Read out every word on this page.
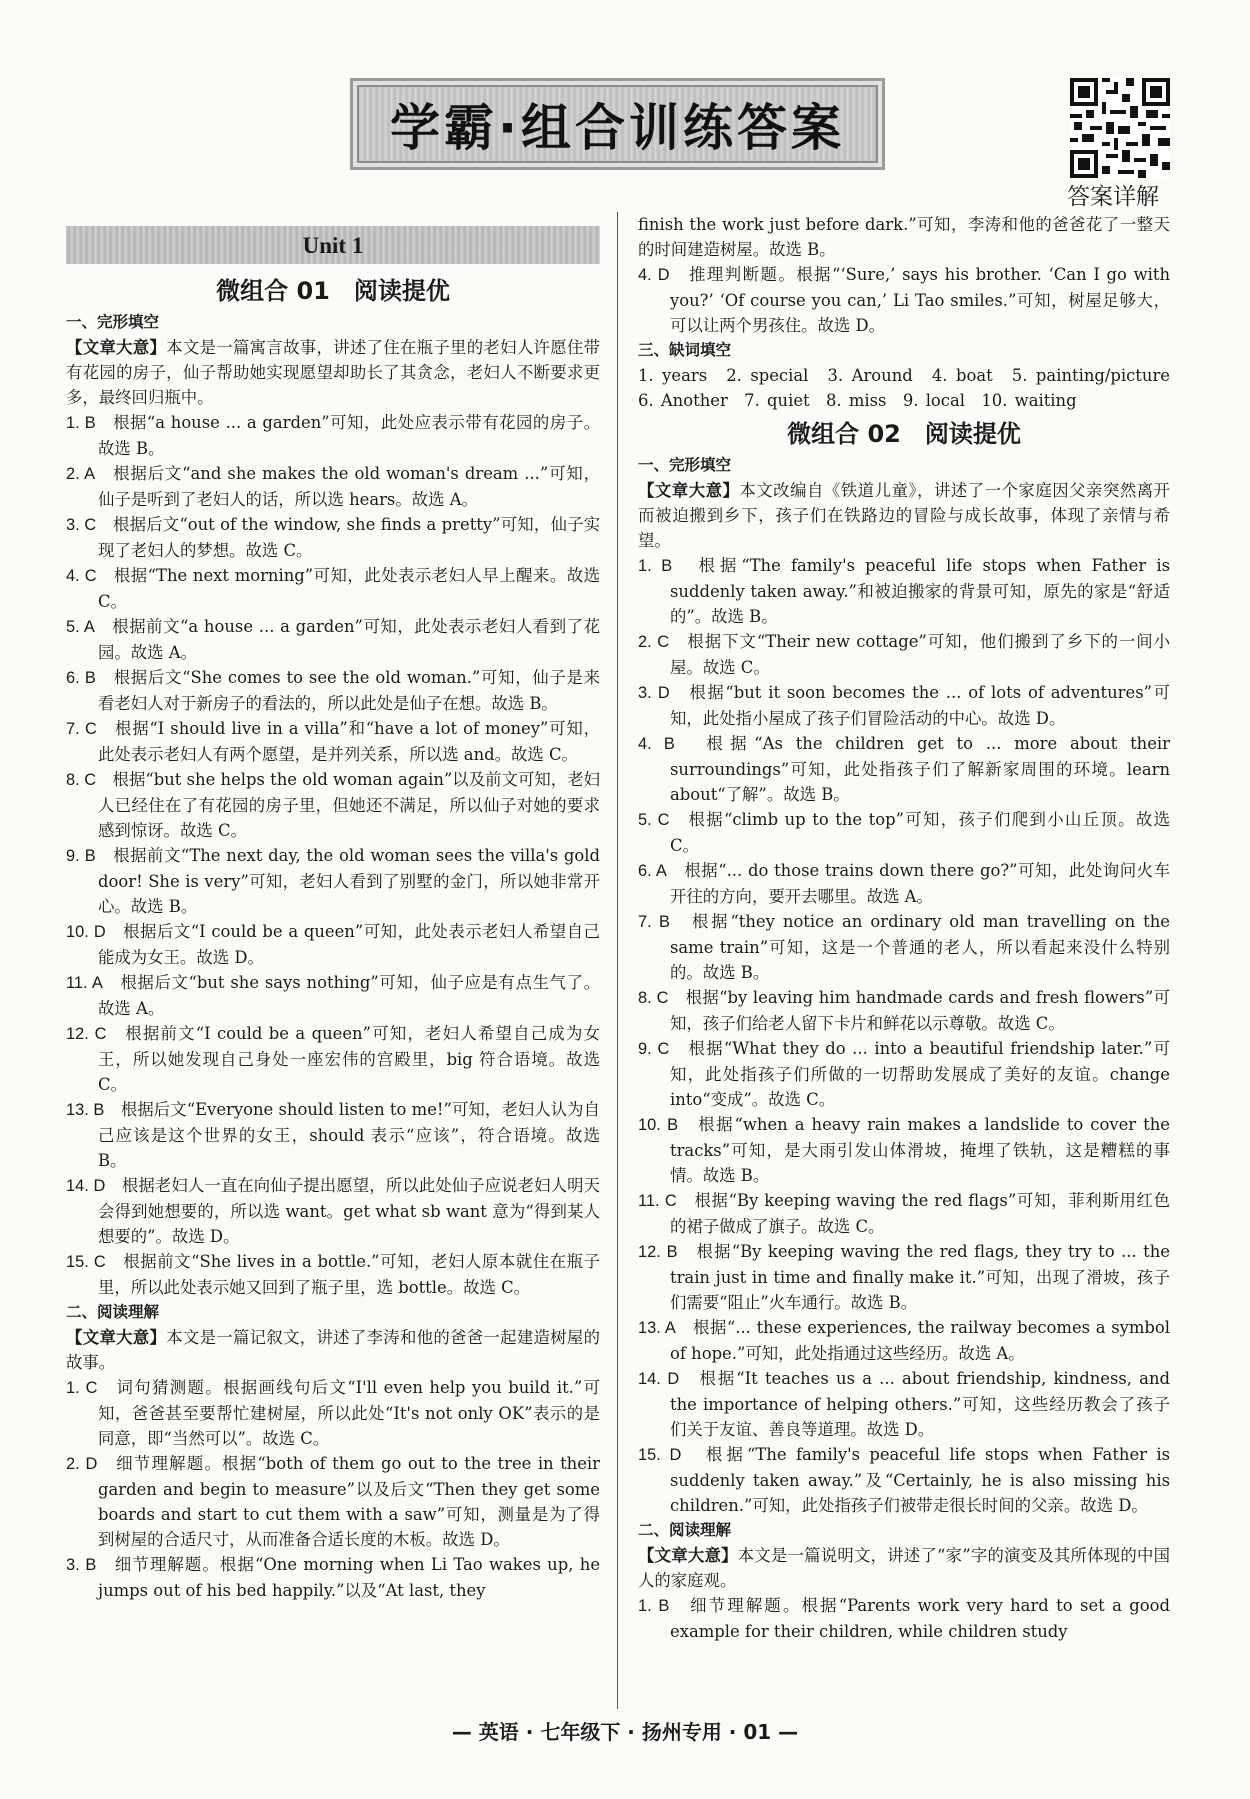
学霸·组合训练答案
答案详解
Unit 1
微组合 01　阅读提优
一、完形填空
【文章大意】本文是一篇寓言故事，讲述了住在瓶子里的老妇人许愿住带有花园的房子，仙子帮助她实现愿望却助长了其贪念，老妇人不断要求更多，最终回归瓶中。
1. B　 根据“a house ... a garden”可知，此处应表示带有花园的房子。故选 B。
2. A　 根据后文“and she makes the old woman's dream ...”可知，仙子是听到了老妇人的话，所以选 hears。故选 A。
3. C　 根据后文“out of the window, she finds a pretty”可知，仙子实现了老妇人的梦想。故选 C。
4. C　 根据“The next morning”可知，此处表示老妇人早上醒来。故选 C。
5. A　 根据前文“a house ... a garden”可知，此处表示老妇人看到了花园。故选 A。
6. B　 根据后文“She comes to see the old woman.”可知，仙子是来看老妇人对于新房子的看法的，所以此处是仙子在想。故选 B。
7. C　 根据“I should live in a villa”和“have a lot of money”可知，此处表示老妇人有两个愿望，是并列关系，所以选 and。故选 C。
8. C　 根据“but she helps the old woman again”以及前文可知，老妇人已经住在了有花园的房子里，但她还不满足，所以仙子对她的要求感到惊讶。故选 C。
9. B　 根据前文“The next day, the old woman sees the villa's gold door! She is very”可知，老妇人看到了别墅的金门，所以她非常开心。故选 B。
10. D　 根据后文“I could be a queen”可知，此处表示老妇人希望自己能成为女王。故选 D。
11. A　 根据后文“but she says nothing”可知，仙子应是有点生气了。故选 A。
12. C　 根据前文“I could be a queen”可知，老妇人希望自己成为女王，所以她发现自己身处一座宏伟的宫殿里，big 符合语境。故选 C。
13. B　 根据后文“Everyone should listen to me!”可知，老妇人认为自己应该是这个世界的女王，should 表示“应该”，符合语境。故选 B。
14. D　 根据老妇人一直在向仙子提出愿望，所以此处仙子应说老妇人明天会得到她想要的，所以选 want。get what sb want 意为“得到某人想要的”。故选 D。
15. C　 根据前文“She lives in a bottle.”可知，老妇人原本就住在瓶子里，所以此处表示她又回到了瓶子里，选 bottle。故选 C。
二、阅读理解
【文章大意】本文是一篇记叙文，讲述了李涛和他的爸爸一起建造树屋的故事。
1. C　 词句猜测题。根据画线句后文“I'll even help you build it.”可知，爸爸甚至要帮忙建树屋，所以此处“It's not only OK”表示的是同意，即“当然可以”。故选 C。
2. D　 细节理解题。根据“both of them go out to the tree in their garden and begin to measure”以及后文“Then they get some boards and start to cut them with a saw”可知，测量是为了得到树屋的合适尺寸，从而准备合适长度的木板。故选 D。
3. B　 细节理解题。根据“One morning when Li Tao wakes up, he jumps out of his bed happily.”以及“At last, they
finish the work just before dark.”可知，李涛和他的爸爸花了一整天的时间建造树屋。故选 B。
4. D　 推理判断题。根据“‘Sure,’ says his brother. ‘Can I go with you?’ ‘Of course you can,’ Li Tao smiles.”可知，树屋足够大，可以让两个男孩住。故选 D。
三、缺词填空
1. years　2. special　3. Around　4. boat　5. painting/picture　6. Another　7. quiet　8. miss　9. local　10. waiting
微组合 02　阅读提优
一、完形填空
【文章大意】本文改编自《铁道儿童》，讲述了一个家庭因父亲突然离开而被迫搬到乡下，孩子们在铁路边的冒险与成长故事，体现了亲情与希望。
1. B　 根据“The family's peaceful life stops when Father is suddenly taken away.”和被迫搬家的背景可知，原先的家是“舒适的”。故选 B。
2. C　 根据下文“Their new cottage”可知，他们搬到了乡下的一间小屋。故选 C。
3. D　 根据“but it soon becomes the ... of lots of adventures”可知，此处指小屋成了孩子们冒险活动的中心。故选 D。
4. B　 根据“As the children get to ... more about their surroundings”可知，此处指孩子们了解新家周围的环境。learn about“了解”。故选 B。
5. C　 根据“climb up to the top”可知，孩子们爬到小山丘顶。故选 C。
6. A　 根据“... do those trains down there go?”可知，此处询问火车开往的方向，要开去哪里。故选 A。
7. B　 根据“they notice an ordinary old man travelling on the same train”可知，这是一个普通的老人，所以看起来没什么特别的。故选 B。
8. C　 根据“by leaving him handmade cards and fresh flowers”可知，孩子们给老人留下卡片和鲜花以示尊敬。故选 C。
9. C　 根据“What they do ... into a beautiful friendship later.”可知，此处指孩子们所做的一切帮助发展成了美好的友谊。change into“变成”。故选 C。
10. B　 根据“when a heavy rain makes a landslide to cover the tracks”可知，是大雨引发山体滑坡，掩埋了铁轨，这是糟糕的事情。故选 B。
11. C　 根据“By keeping waving the red flags”可知，菲利斯用红色的裙子做成了旗子。故选 C。
12. B　 根据“By keeping waving the red flags, they try to ... the train just in time and finally make it.”可知，出现了滑坡，孩子们需要“阻止”火车通行。故选 B。
13. A　 根据“... these experiences, the railway becomes a symbol of hope.”可知，此处指通过这些经历。故选 A。
14. D　 根据“It teaches us a ... about friendship, kindness, and the importance of helping others.”可知，这些经历教会了孩子们关于友谊、善良等道理。故选 D。
15. D　 根据“The family's peaceful life stops when Father is suddenly taken away.”及“Certainly, he is also missing his children.”可知，此处指孩子们被带走很长时间的父亲。故选 D。
二、阅读理解
【文章大意】本文是一篇说明文，讲述了“家”字的演变及其所体现的中国人的家庭观。
1. B　 细节理解题。根据“Parents work very hard to set a good example for their children, while children study
— 英语 · 七年级下 · 扬州专用 · 01 —
